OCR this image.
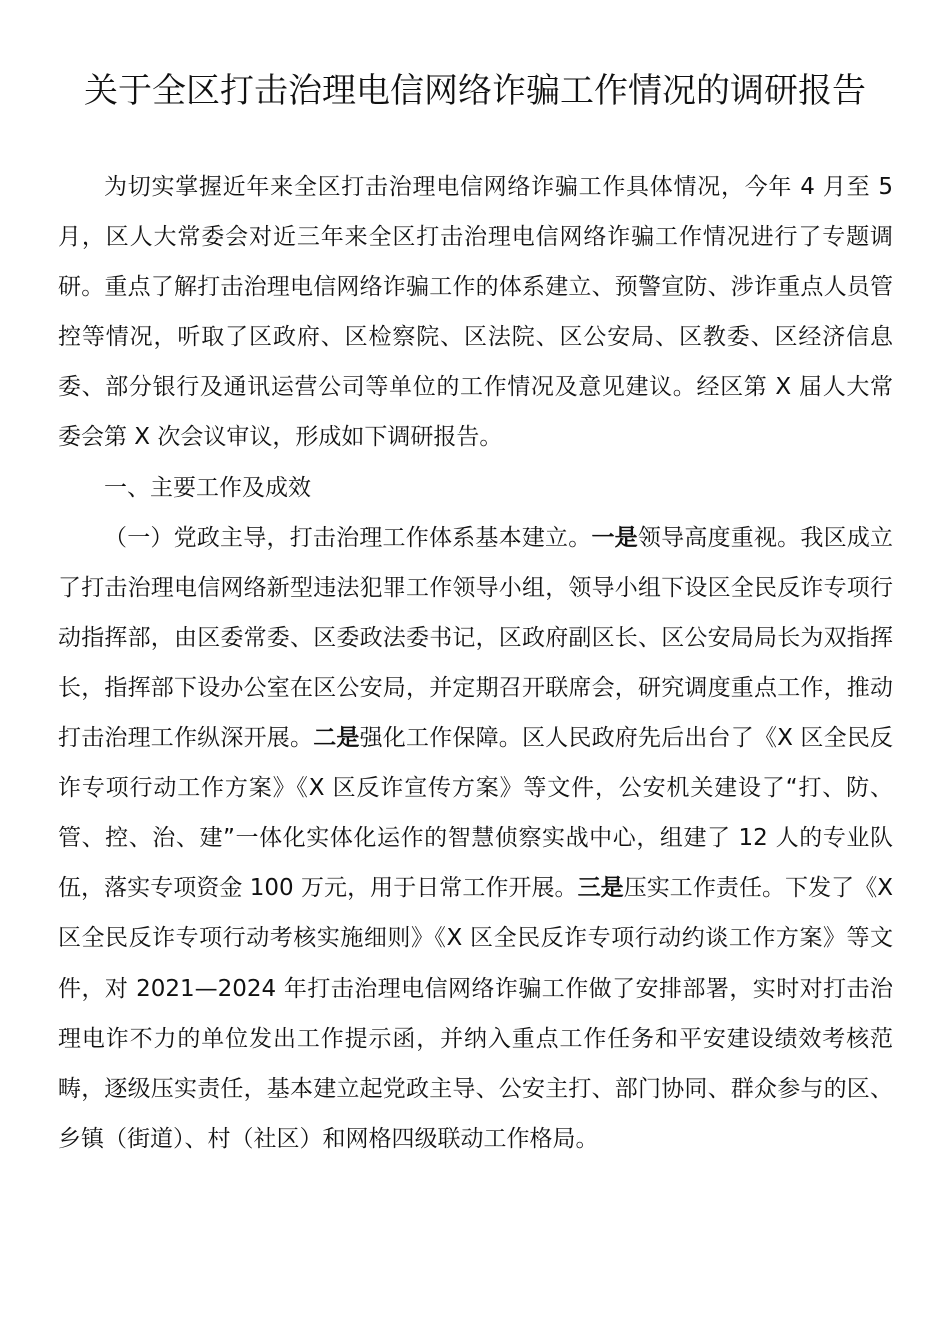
关于全区打击治理电信网络诈骗工作情况的调研报告

为切实掌握近年来全区打击治理电信网络诈骗工作具体情况，今年 4 月至 5 月，区人大常委会对近三年来全区打击治理电信网络诈骗工作情况进行了专题调研。重点了解打击治理电信网络诈骗工作的体系建立、预警宣防、涉诈重点人员管控等情况，听取了区政府、区检察院、区法院、区公安局、区教委、区经济信息委、部分银行及通讯运营公司等单位的工作情况及意见建议。经区第 X 届人大常委会第 X 次会议审议，形成如下调研报告。

一、主要工作及成效

（一）党政主导，打击治理工作体系基本建立。一是领导高度重视。我区成立了打击治理电信网络新型违法犯罪工作领导小组，领导小组下设区全民反诈专项行动指挥部，由区委常委、区委政法委书记，区政府副区长、区公安局局长为双指挥长，指挥部下设办公室在区公安局，并定期召开联席会，研究调度重点工作，推动打击治理工作纵深开展。二是强化工作保障。区人民政府先后出台了《X 区全民反诈专项行动工作方案》《X 区反诈宣传方案》等文件，公安机关建设了“打、防、管、控、治、建”一体化实体化运作的智慧侦察实战中心，组建了 12 人的专业队伍，落实专项资金 100 万元，用于日常工作开展。三是压实工作责任。下发了《X 区全民反诈专项行动考核实施细则》《X 区全民反诈专项行动约谈工作方案》等文件，对 2021—2024 年打击治理电信网络诈骗工作做了安排部署，实时对打击治理电诈不力的单位发出工作提示函，并纳入重点工作任务和平安建设绩效考核范畴，逐级压实责任，基本建立起党政主导、公安主打、部门协同、群众参与的区、乡镇（街道）、村（社区）和网格四级联动工作格局。
